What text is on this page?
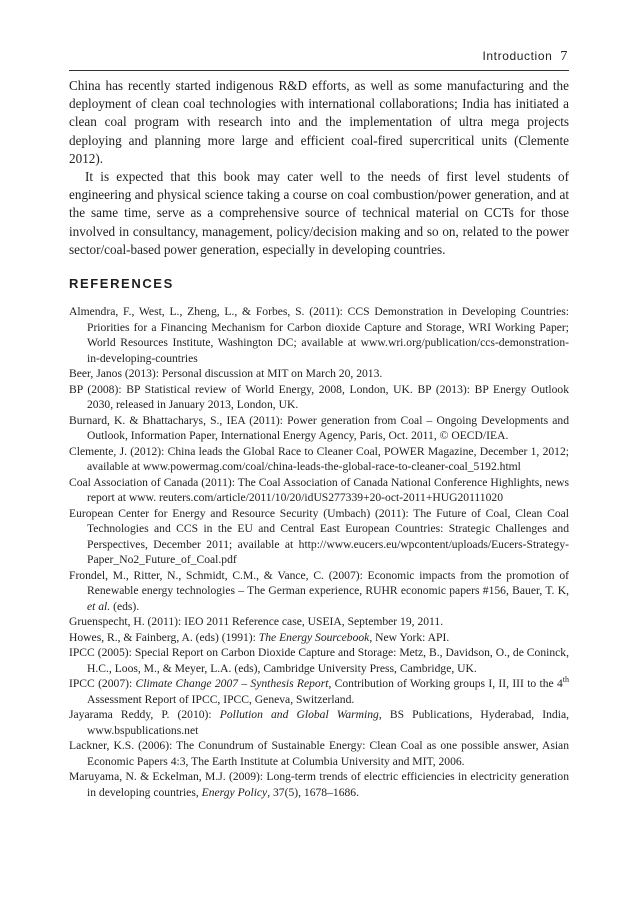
Introduction 7

China has recently started indigenous R&D efforts, as well as some manufacturing and the deployment of clean coal technologies with international collaborations; India has initiated a clean coal program with research into and the implementation of ultra mega projects deploying and planning more large and efficient coal-fired supercritical units (Clemente 2012).

It is expected that this book may cater well to the needs of first level students of engineering and physical science taking a course on coal combustion/power generation, and at the same time, serve as a comprehensive source of technical material on CCTs for those involved in consultancy, management, policy/decision making and so on, related to the power sector/coal-based power generation, especially in developing countries.

REFERENCES
Almendra, F., West, L., Zheng, L., & Forbes, S. (2011): CCS Demonstration in Developing Countries: Priorities for a Financing Mechanism for Carbon dioxide Capture and Storage, WRI Working Paper; World Resources Institute, Washington DC; available at www.wri.org/publication/ccs-demonstration-in-developing-countries
Beer, Janos (2013): Personal discussion at MIT on March 20, 2013.
BP (2008): BP Statistical review of World Energy, 2008, London, UK. BP (2013): BP Energy Outlook 2030, released in January 2013, London, UK.
Burnard, K. & Bhattacharys, S., IEA (2011): Power generation from Coal – Ongoing Developments and Outlook, Information Paper, International Energy Agency, Paris, Oct. 2011, © OECD/IEA.
Clemente, J. (2012): China leads the Global Race to Cleaner Coal, POWER Magazine, December 1, 2012; available at www.powermag.com/coal/china-leads-the-global-race-to-cleaner-coal_5192.html
Coal Association of Canada (2011): The Coal Association of Canada National Conference Highlights, news report at www. reuters.com/article/2011/10/20/idUS277339+20-oct-2011+HUG20111020
European Center for Energy and Resource Security (Umbach) (2011): The Future of Coal, Clean Coal Technologies and CCS in the EU and Central East European Countries: Strategic Challenges and Perspectives, December 2011; available at http://www.eucers.eu/wpcontent/uploads/Eucers-Strategy-Paper_No2_Future_of_Coal.pdf
Frondel, M., Ritter, N., Schmidt, C.M., & Vance, C. (2007): Economic impacts from the promotion of Renewable energy technologies – The German experience, RUHR economic papers #156, Bauer, T. K, et al. (eds).
Gruenspecht, H. (2011): IEO 2011 Reference case, USEIA, September 19, 2011.
Howes, R., & Fainberg, A. (eds) (1991): The Energy Sourcebook, New York: API.
IPCC (2005): Special Report on Carbon Dioxide Capture and Storage: Metz, B., Davidson, O., de Coninck, H.C., Loos, M., & Meyer, L.A. (eds), Cambridge University Press, Cambridge, UK.
IPCC (2007): Climate Change 2007 – Synthesis Report, Contribution of Working groups I, II, III to the 4th Assessment Report of IPCC, IPCC, Geneva, Switzerland.
Jayarama Reddy, P. (2010): Pollution and Global Warming, BS Publications, Hyderabad, India, www.bspublications.net
Lackner, K.S. (2006): The Conundrum of Sustainable Energy: Clean Coal as one possible answer, Asian Economic Papers 4:3, The Earth Institute at Columbia University and MIT, 2006.
Maruyama, N. & Eckelman, M.J. (2009): Long-term trends of electric efficiencies in electricity generation in developing countries, Energy Policy, 37(5), 1678–1686.
